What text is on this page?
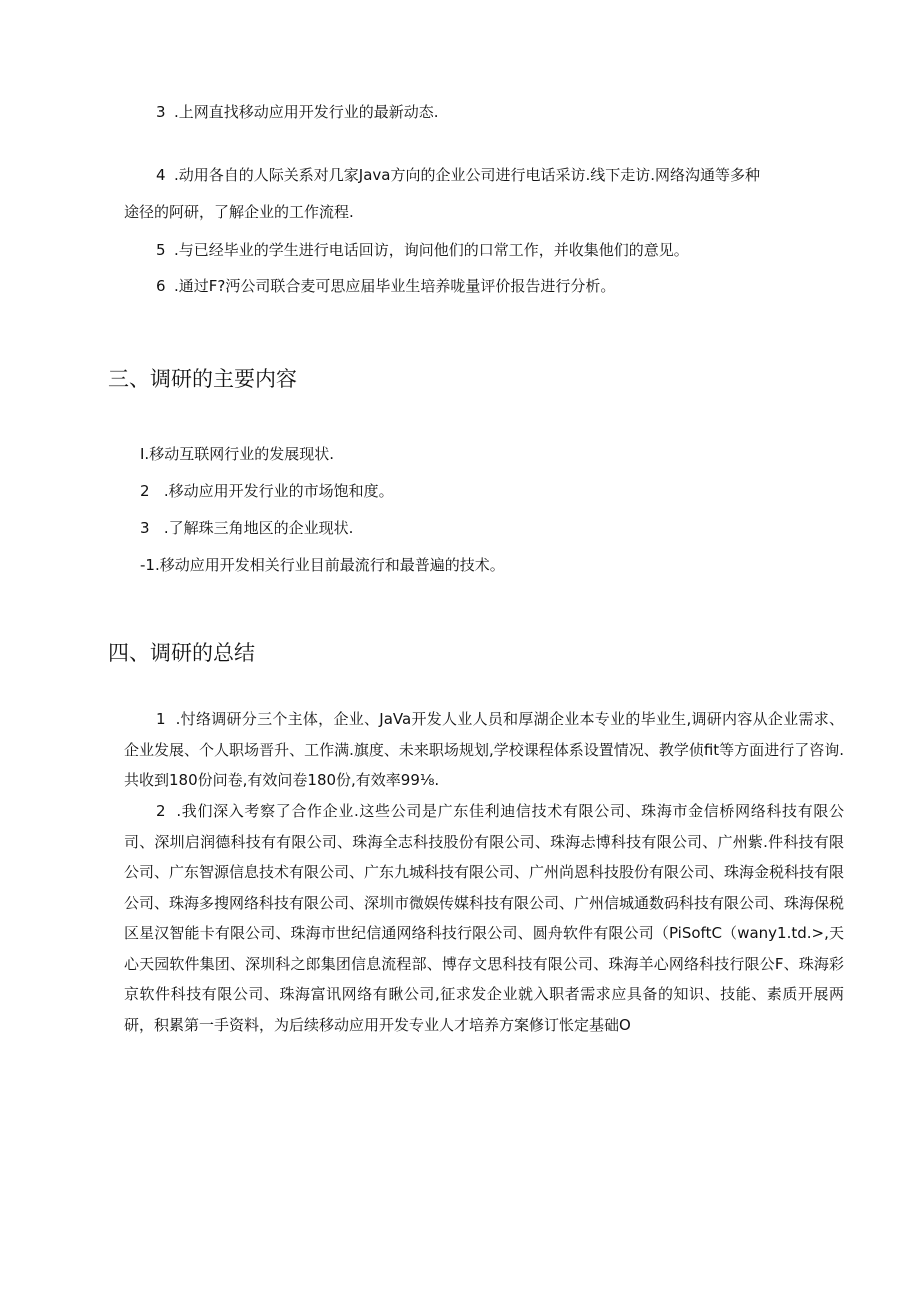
3 .上网直找移动应用开发行业的最新动态.
4 .动用各自的人际关系对几家Java方向的企业公司进行电话采访.线下走访.网络沟通等多种
途径的阿研，了解企业的工作流程.
5 .与已经毕业的学生进行电话回访，询问他们的口常工作，并收集他们的意见。
6 .通过F?沔公司联合麦可思应届毕业生培养咙量评价报告进行分析。
三、调研的主要内容
I.移动互联网行业的发展现状.
2   .移动应用开发行业的市场饱和度。
3   .了解珠三角地区的企业现状.
-1.移动应用开发相关行业目前最流行和最普遍的技术。
四、调研的总结
1  .忖络调研分三个主体，企业、JaVa开发人业人员和厚湖企业本专业的毕业生,调研内容从企业需求、企业发展、个人职场晋升、工作满.旗度、未来职场规划,学校课程体系设置情况、教学侦fit等方面进行了咨询.共收到180份问卷,有效问卷180份,有效率99⅛.
2  .我们深入考察了合作企业.这些公司是广东佳利迪信技术有限公司、珠海市金信桥网络科技有限公司、深圳启润德科技有有限公司、珠海全志科技股份有限公司、珠海忐博科技有限公司、广州紫.件科技有限公司、广东智源信息技术有限公司、广东九城科技有限公司、广州尚恩科技股份有限公司、珠海金税科技有限公司、珠海多搜网络科技有限公司、深圳市微娱传媒科技有限公司、广州信城通数码科技有限公司、珠海保税区星汉智能卡有限公司、珠海市世纪信通网络科技行限公司、圆舟软件有限公司（PiSoftC（wany1.td.>,天心天园软件集团、深圳科之郎集团信息流程部、博存文思科技有限公司、珠海羊心网络科技行限公F、珠海彩京软件科技有限公司、珠海富讯网络有瞅公司,征求发企业就入职者需求应具备的知识、技能、素质开展两研，积累第一手资料，为后续移动应用开发专业人才培养方案修订怅定基础O
